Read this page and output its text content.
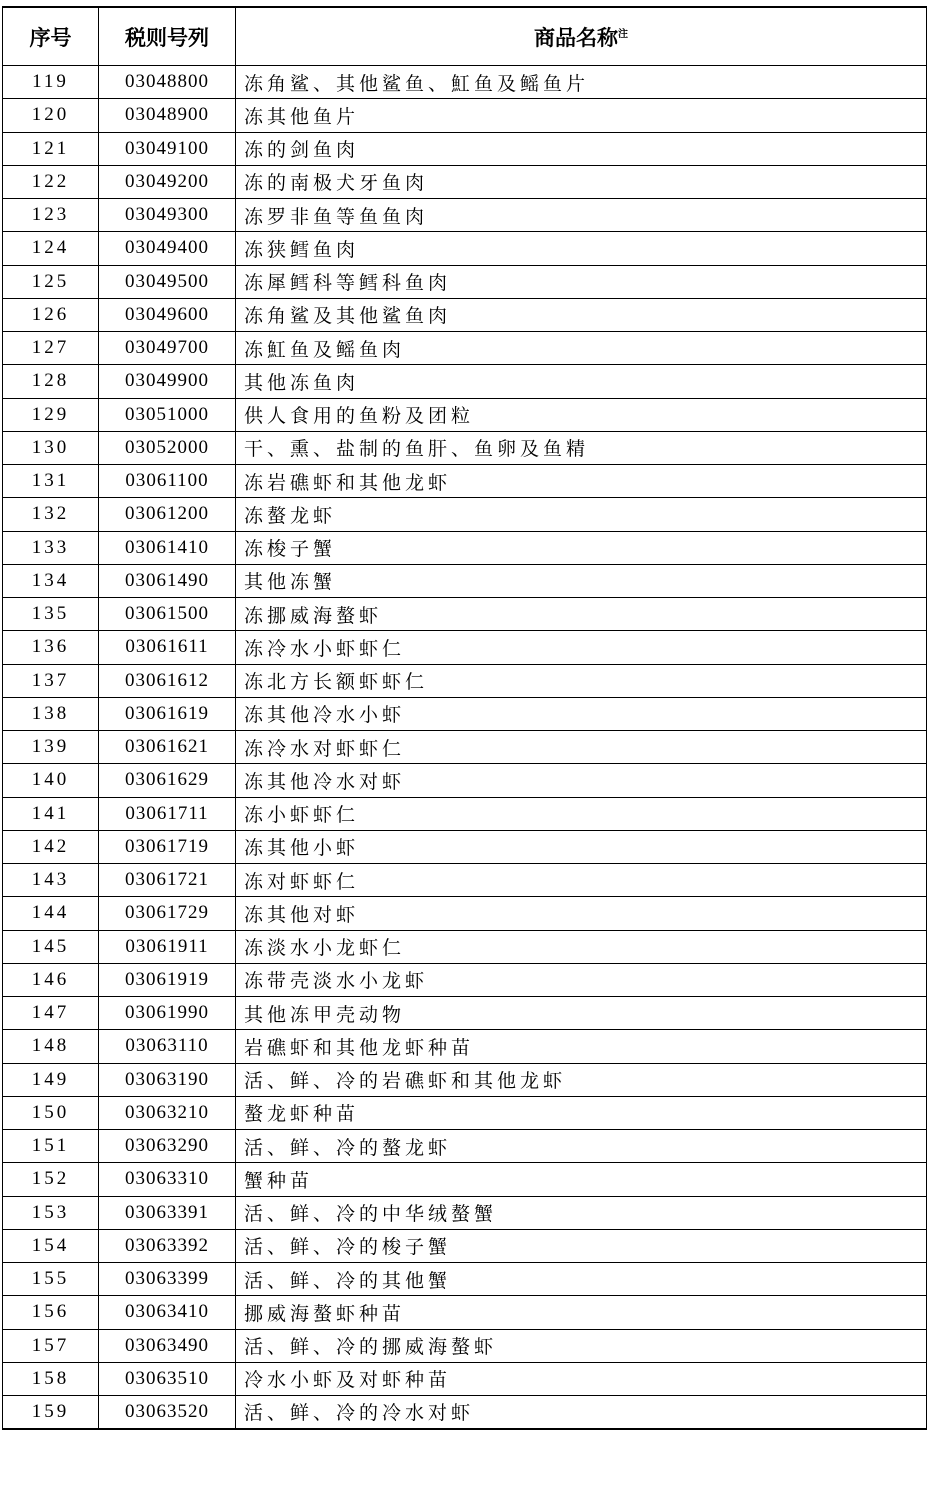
序号	税则号列	商品名称$^注$
119	03048800	冻角鲨、其他鲨鱼、魟鱼及鳐鱼片
120	03048900	冻其他鱼片
121	03049100	冻的剑鱼肉
122	03049200	冻的南极犬牙鱼肉
123	03049300	冻罗非鱼等鱼鱼肉
124	03049400	冻狭鳕鱼肉
125	03049500	冻犀鳕科等鳕科鱼肉
126	03049600	冻角鲨及其他鲨鱼肉
127	03049700	冻魟鱼及鳐鱼肉
128	03049900	其他冻鱼肉
129	03051000	供人食用的鱼粉及团粒
130	03052000	干、熏、盐制的鱼肝、鱼卵及鱼精
131	03061100	冻岩礁虾和其他龙虾
132	03061200	冻螯龙虾
133	03061410	冻梭子蟹
134	03061490	其他冻蟹
135	03061500	冻挪威海螯虾
136	03061611	冻冷水小虾虾仁
137	03061612	冻北方长额虾虾仁
138	03061619	冻其他冷水小虾
139	03061621	冻冷水对虾虾仁
140	03061629	冻其他冷水对虾
141	03061711	冻小虾虾仁
142	03061719	冻其他小虾
143	03061721	冻对虾虾仁
144	03061729	冻其他对虾
145	03061911	冻淡水小龙虾仁
146	03061919	冻带壳淡水小龙虾
147	03061990	其他冻甲壳动物
148	03063110	岩礁虾和其他龙虾种苗
149	03063190	活、鲜、冷的岩礁虾和其他龙虾
150	03063210	螯龙虾种苗
151	03063290	活、鲜、冷的螯龙虾
152	03063310	蟹种苗
153	03063391	活、鲜、冷的中华绒螯蟹
154	03063392	活、鲜、冷的梭子蟹
155	03063399	活、鲜、冷的其他蟹
156	03063410	挪威海螯虾种苗
157	03063490	活、鲜、冷的挪威海螯虾
158	03063510	冷水小虾及对虾种苗
159	03063520	活、鲜、冷的冷水对虾
